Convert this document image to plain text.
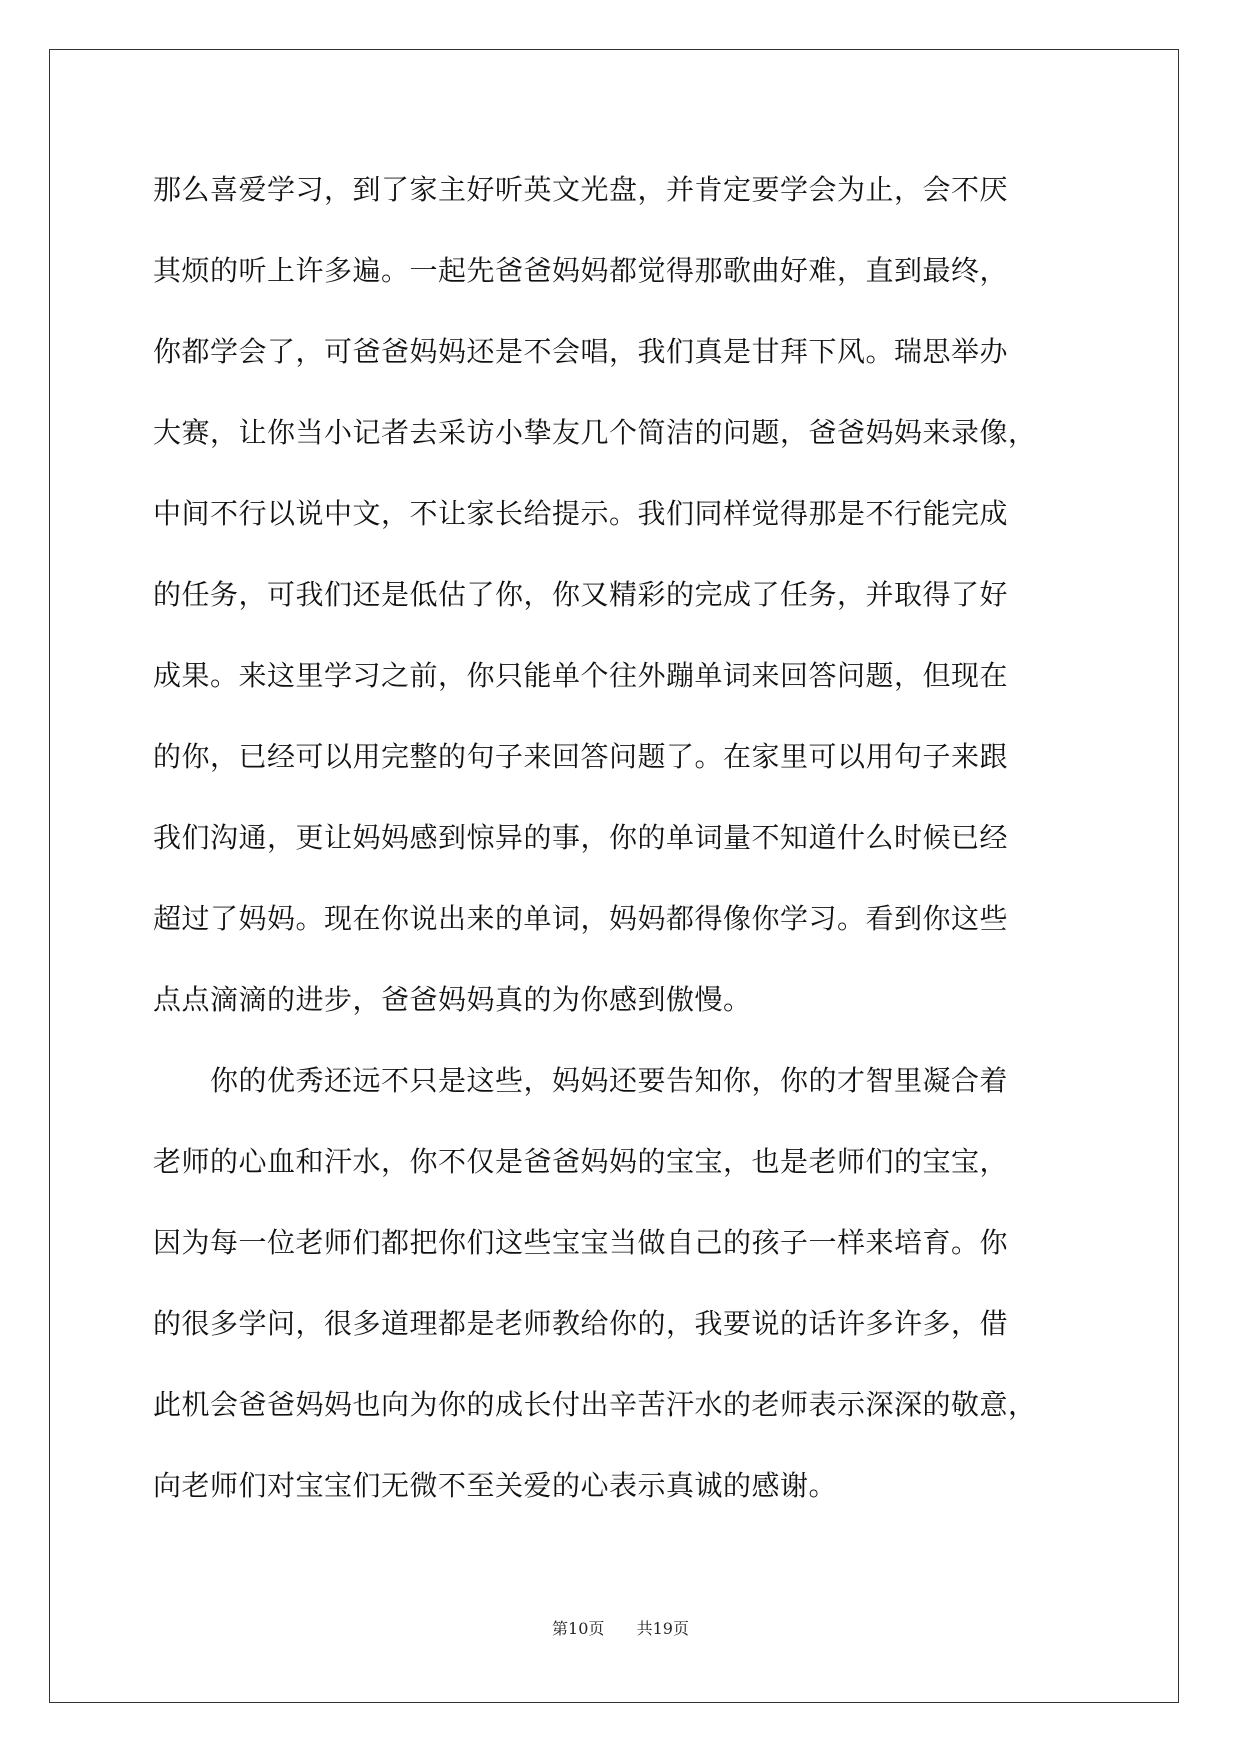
那么喜爱学习，到了家主好听英文光盘，并肯定要学会为止，会不厌
其烦的听上许多遍。一起先爸爸妈妈都觉得那歌曲好难，直到最终，
你都学会了，可爸爸妈妈还是不会唱，我们真是甘拜下风。瑞思举办
大赛，让你当小记者去采访小挚友几个简洁的问题，爸爸妈妈来录像，
中间不行以说中文，不让家长给提示。我们同样觉得那是不行能完成
的任务，可我们还是低估了你，你又精彩的完成了任务，并取得了好
成果。来这里学习之前，你只能单个往外蹦单词来回答问题，但现在
的你，已经可以用完整的句子来回答问题了。在家里可以用句子来跟
我们沟通，更让妈妈感到惊异的事，你的单词量不知道什么时候已经
超过了妈妈。现在你说出来的单词，妈妈都得像你学习。看到你这些
点点滴滴的进步，爸爸妈妈真的为你感到傲慢。
　　你的优秀还远不只是这些，妈妈还要告知你，你的才智里凝合着
老师的心血和汗水，你不仅是爸爸妈妈的宝宝，也是老师们的宝宝，
因为每一位老师们都把你们这些宝宝当做自己的孩子一样来培育。你
的很多学问，很多道理都是老师教给你的，我要说的话许多许多，借
此机会爸爸妈妈也向为你的成长付出辛苦汗水的老师表示深深的敬意，
向老师们对宝宝们无微不至关爱的心表示真诚的感谢。
第10页 共19页
